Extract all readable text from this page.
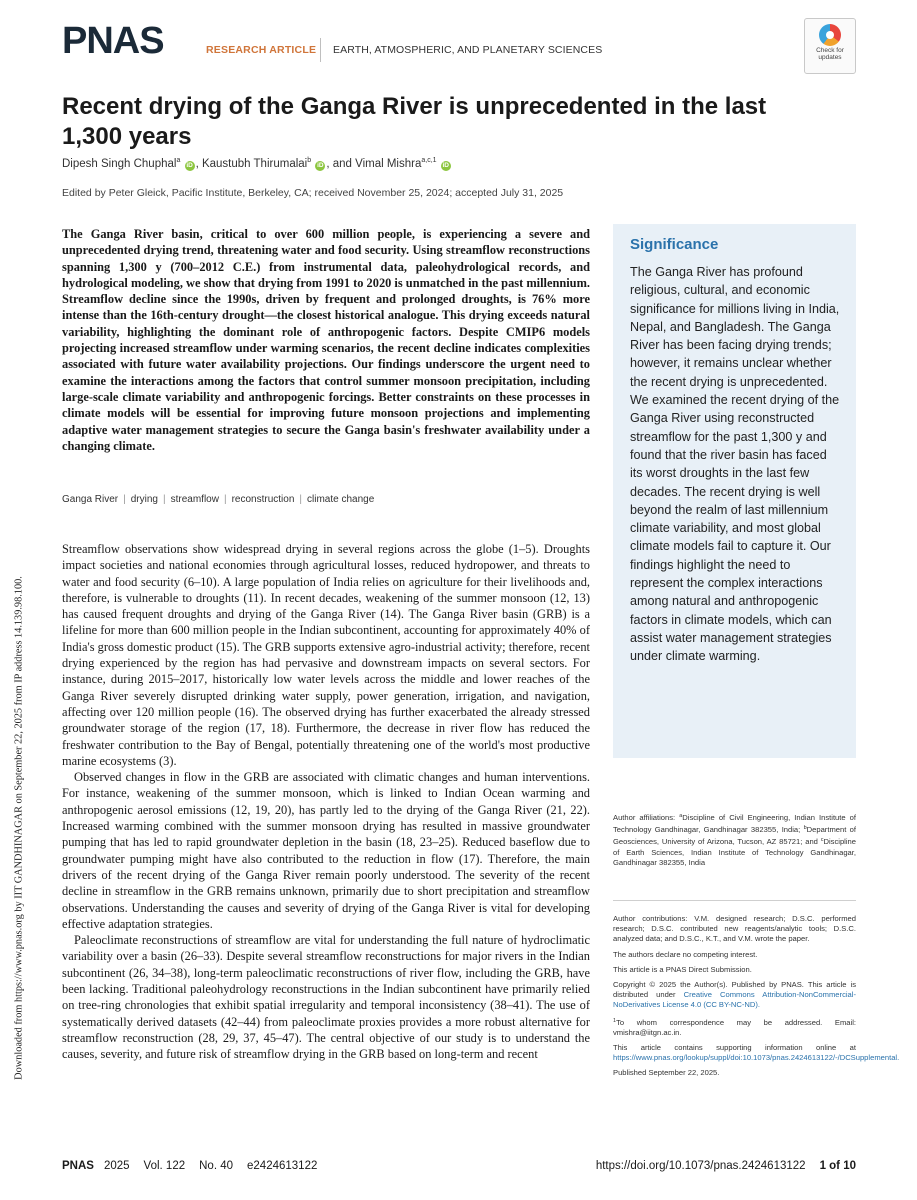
PNAS	RESEARCH ARTICLE EARTH, ATMOSPHERIC, AND PLANETARY SCIENCES	Check for
updates
Recent drying of the Ganga River is unprecedented in the last 1,300 years
Dipesh Singh Chuphal$^a$ iD , Kaustubh Thirumalai$^b$ iD , and Vimal Mishra$^{a,c,1}$ iD
Edited by Peter Gleick, Pacific Institute, Berkeley, CA; received November 25, 2024; accepted July 31, 2025

The Ganga River basin, critical to over 600 million people, is experiencing a severe and unprecedented drying trend, threatening water and food security. Using streamflow reconstructions spanning 1,300 y (700–2012 C.E.) from instrumental data, paleohydrological records, and hydrological modeling, we show that drying from 1991 to 2020 is unmatched in the past millennium. Streamflow decline since the 1990s, driven by frequent and prolonged droughts, is 76% more intense than the 16th-century drought—the closest historical analogue. This drying exceeds natural variability, highlighting the dominant role of anthropogenic factors. Despite CMIP6 models projecting increased streamflow under warming scenarios, the recent decline indicates complexities associated with future water availability projections. Our findings underscore the urgent need to examine the interactions among the factors that control summer monsoon precipitation, including large-scale climate variability and anthropogenic forcings. Better constraints on these processes in climate models will be essential for improving future monsoon projections and implementing adaptive water management strategies to secure the Ganga basin's freshwater availability under a changing climate.

Ganga River | drying | streamflow | reconstruction | climate change
Downloaded from https://www.pnas.org by IIT GANDHINAGAR on September 22, 2025 from IP address 14.139.98.100.

Streamflow observations show widespread drying in several regions across the globe (1–5). Droughts impact societies and national economies through agricultural losses, reduced hydropower, and threats to water and food security (6–10). A large population of India relies on agriculture for their livelihoods and, therefore, is vulnerable to droughts (11). In recent decades, weakening of the summer monsoon (12, 13) has caused frequent droughts and drying of the Ganga River (14). The Ganga River basin (GRB) is a lifeline for more than 600 million people in the Indian subcontinent, accounting for approximately 40% of India's gross domestic product (15). The GRB supports extensive agro-industrial activity; therefore, recent drying experienced by the region has had pervasive and downstream impacts on several sectors. For instance, during 2015–2017, historically low water levels across the middle and lower reaches of the Ganga River severely disrupted drinking water supply, power generation, irrigation, and navigation, affecting over 120 million people (16). The observed drying has further exacerbated the already stressed groundwater storage of the region (17, 18). Furthermore, the decrease in river flow has reduced the freshwater contribution to the Bay of Bengal, potentially threatening one of the world's most productive marine ecosystems (3).

Observed changes in flow in the GRB are associated with climatic changes and human interventions. For instance, weakening of the summer monsoon, which is linked to Indian Ocean warming and anthropogenic aerosol emissions (12, 19, 20), has partly led to the drying of the Ganga River (21, 22). Increased warming combined with the summer monsoon drying has resulted in massive groundwater pumping that has led to rapid groundwater depletion in the basin (18, 23–25). Reduced baseflow due to groundwater pumping might have also contributed to the reduction in flow (17). Therefore, the main drivers of the recent drying of the Ganga River remain poorly understood. The severity of the recent decline in streamflow in the GRB remains unknown, primarily due to short precipitation and streamflow observations. Understanding the causes and severity of drying of the Ganga River is vital for developing effective adaptation strategies.

Paleoclimate reconstructions of streamflow are vital for understanding the full nature of hydroclimatic variability over a basin (26–33). Despite several streamflow reconstructions for major rivers in the Indian subcontinent (26, 34–38), long-term paleoclimatic reconstructions of river flow, including the GRB, have been lacking. Traditional paleohydrology reconstructions in the Indian subcontinent have primarily relied on tree-ring chronologies that exhibit spatial irregularity and temporal inconsistency (38–41). The use of systematically derived datasets (42–44) from paleoclimate proxies provides a more robust alternative for streamflow reconstruction (28, 29, 37, 45–47). The central objective of our study is to understand the causes, severity, and future risk of streamflow drying in the GRB based on long-term and recent

Significance

The Ganga River has profound religious, cultural, and economic significance for millions living in India, Nepal, and Bangladesh. The Ganga River has been facing drying trends; however, it remains unclear whether the recent drying is unprecedented. We examined the recent drying of the Ganga River using reconstructed streamflow for the past 1,300 y and found that the river basin has faced its worst droughts in the last few decades. The recent drying is well beyond the realm of last millennium climate variability, and most global climate models fail to capture it. Our findings highlight the need to represent the complex interactions among natural and anthropogenic factors in climate models, which can assist water management strategies under climate warming.

Author affiliations: $^a$Discipline of Civil Engineering, Indian Institute of Technology Gandhinagar, Gandhinagar 382355, India; $^b$Department of Geosciences, University of Arizona, Tucson, AZ 85721; and $^c$Discipline of Earth Sciences, Indian Institute of Technology Gandhinagar, Gandhinagar 382355, India

Author contributions: V.M. designed research; D.S.C. performed research; D.S.C. contributed new reagents/analytic tools; D.S.C. analyzed data; and D.S.C., K.T., and V.M. wrote the paper.

The authors declare no competing interest.

This article is a PNAS Direct Submission.

Copyright © 2025 the Author(s). Published by PNAS. This article is distributed under Creative Commons Attribution-NonCommercial-NoDerivatives License 4.0 (CC BY-NC-ND).

$^1$To whom correspondence may be addressed. Email: vmishra@iitgn.ac.in.

This article contains supporting information online at https://www.pnas.org/lookup/suppl/doi:10.1073/pnas.2424613122/-/DCSupplemental.

Published September 22, 2025.

PNAS 2025 Vol. 122 No. 40 e2424613122	https://doi.org/10.1073/pnas.2424613122 1 of 10
